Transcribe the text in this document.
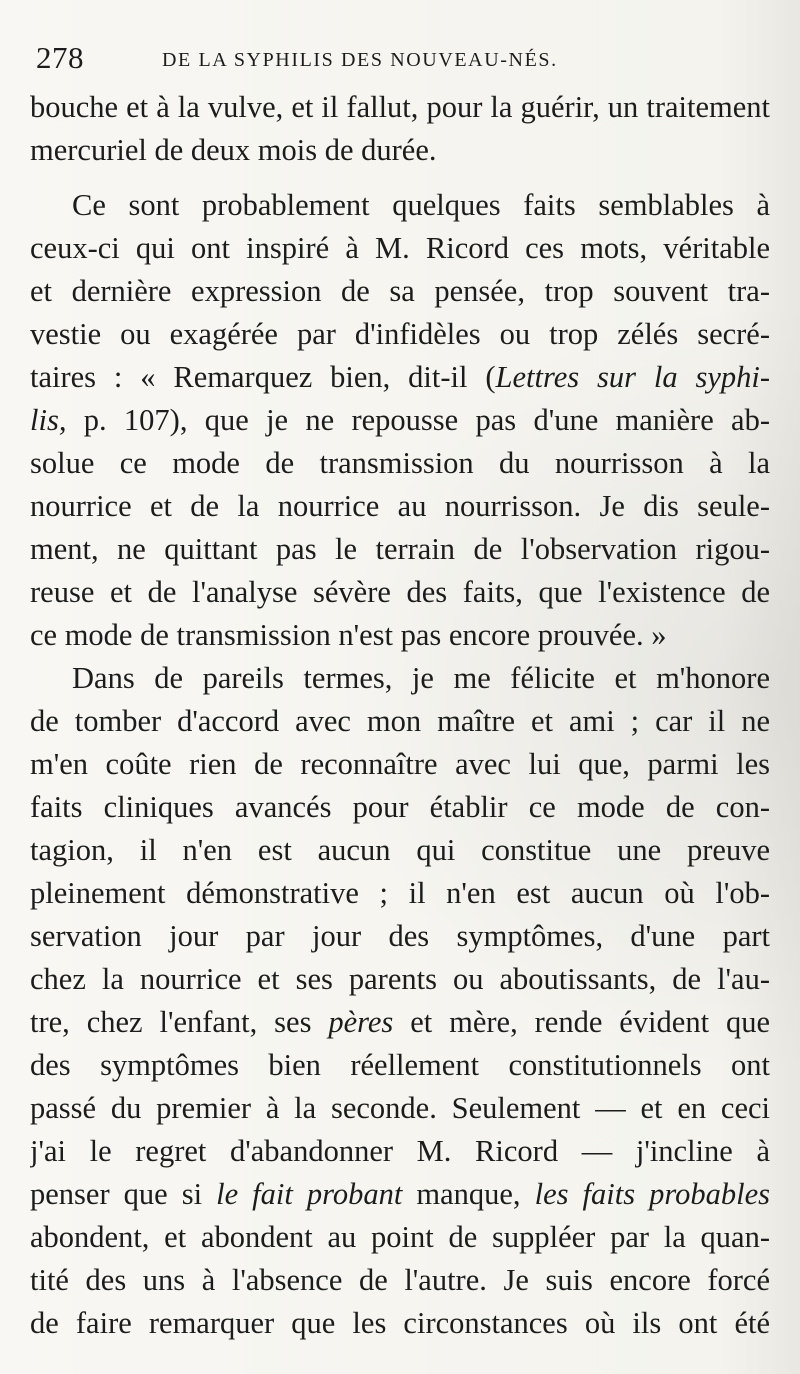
278	DE LA SYPHILIS DES NOUVEAU-NÉS.
bouche et à la vulve, et il fallut, pour la guérir, un traitement
mercuriel de deux mois de durée.
Ce sont probablement quelques faits semblables à
ceux-ci qui ont inspiré à M. Ricord ces mots, véritable
et dernière expression de sa pensée, trop souvent tra-
vestie ou exagérée par d'infidèles ou trop zélés secré-
taires : « Remarquez bien, dit-il (Lettres sur la syphi-
lis, p. 107), que je ne repousse pas d'une manière ab-
solue ce mode de transmission du nourrisson à la
nourrice et de la nourrice au nourrisson. Je dis seule-
ment, ne quittant pas le terrain de l'observation rigou-
reuse et de l'analyse sévère des faits, que l'existence de
ce mode de transmission n'est pas encore prouvée. »
Dans de pareils termes, je me félicite et m'honore
de tomber d'accord avec mon maître et ami ; car il ne
m'en coûte rien de reconnaître avec lui que, parmi les
faits cliniques avancés pour établir ce mode de con-
tagion, il n'en est aucun qui constitue une preuve
pleinement démonstrative ; il n'en est aucun où l'ob-
servation jour par jour des symptômes, d'une part
chez la nourrice et ses parents ou aboutissants, de l'au-
tre, chez l'enfant, ses pères et mère, rende évident que
des symptômes bien réellement constitutionnels ont
passé du premier à la seconde. Seulement — et en ceci
j'ai le regret d'abandonner M. Ricord — j'incline à
penser que si le fait probant manque, les faits probables
abondent, et abondent au point de suppléer par la quan-
tité des uns à l'absence de l'autre. Je suis encore forcé
de faire remarquer que les circonstances où ils ont été
